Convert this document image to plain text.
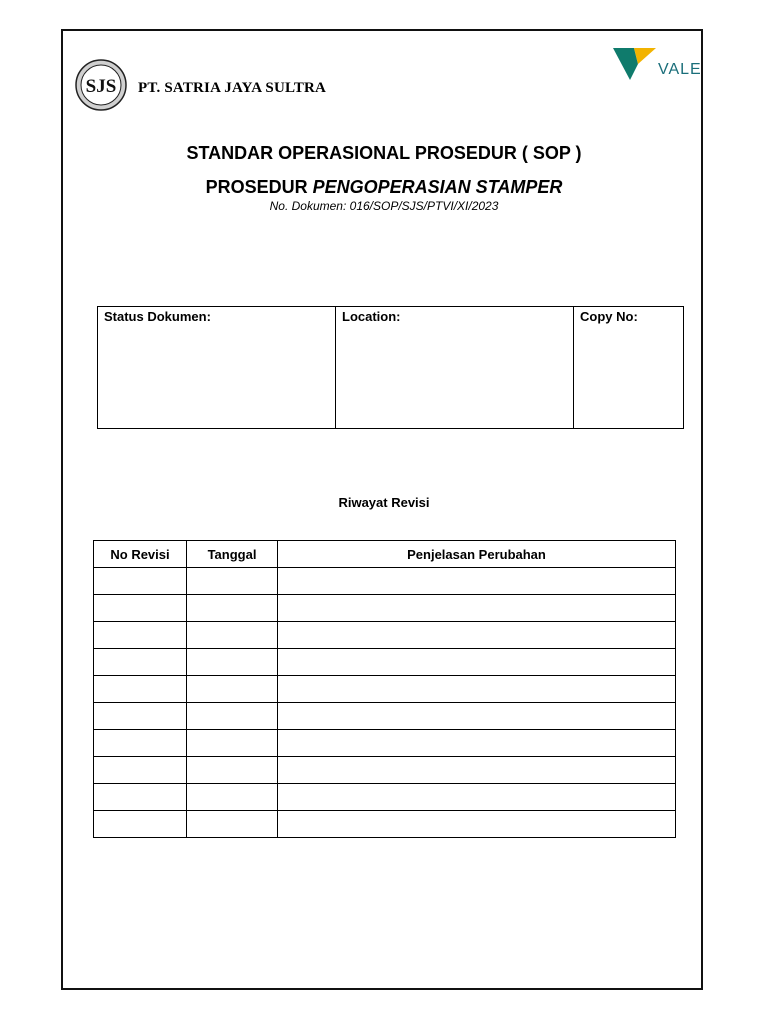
SJS PT. SATRIA JAYA SULTRA
VALE
STANDAR OPERASIONAL PROSEDUR ( SOP )
PROSEDUR PENGOPERASIAN STAMPER
No. Dokumen: 016/SOP/SJS/PTVI/XI/2023
Status Dokumen:	Location:	Copy No:
Riwayat Revisi
No Revisi	Tanggal	Penjelasan Perubahan
